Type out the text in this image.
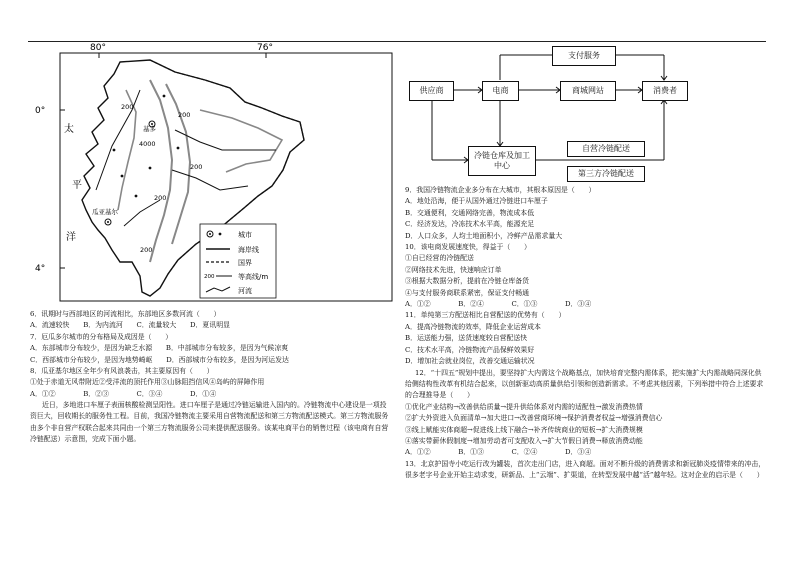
80°	76°
0°
4°
基多
瓜亚基尔
4000
200
200
200
200
200
太
平
洋	城市
海岸线
国界
200	等高线/m
河流
支付服务
供应商	电商	商城网站	消费者
冷链仓库及加工中心
自营冷链配送
第三方冷链配送

6．讯期时与西部地区的河流相比，东部地区多数河流（　　）

A．流速较快　　B．为内流河　　C．流量较大　　D．夏讯明显

7．厄瓜多尔城市的分布格局及成因是（　　）

A．东部城市分布较少，是因为缺乏水源　　B．中部城市分布较多，是因为气候凉爽

C．西部城市分布较少，是因为地势崎岖　　D．西部城市分布较多，是因为河运发达

8．瓜亚基尔地区全年少有风浪袭击，其主要原因有（　　）

①处于赤道无风带附近②受洋流的顶托作用③山脉阻挡信风④岛屿的屏障作用

A．①②　　　　B．②③　　　　C．③④　　　　D．①④

近日，多地进口车厘子表面核酸检测呈阳性。进口车厘子是通过冷链运输进入国内的。冷链物流中心建设是一项投资巨大，回收期长的服务性工程。目前，我国冷链物流主要采用自营物流配送和第三方物流配送模式。第三方物流服务由多个非自营产权联合起来共同由一个第三方物流服务公司来提供配送服务。该某电商平台的销售过程（该电商有自营冷链配送）示意图，完成下面小题。

9．我国冷链物流企业多分布在大城市，其根本原因是（　　）

A．地处沿海，便于从国外通过冷链进口车厘子

B．交通便利，交通网络完善，物流成本低

C．经济发达，冷冻技术水平高，能源充足

D．人口众多，人均土地面积小，冷鲜产品需求量大

10．该电商发展速度快，得益于（　　）

①自已经营的冷链配送

②网络技术先进，快速响应订单

③根据大数据分析，提前在冷链仓库备货

④与支付服务商联系紧密，保证支付畅通

A．①②　　　　B．②④　　　　C．①③　　　　D．③④

11．单纯第三方配送相比自营配送的优势有（　　）

A．提高冷链物流的效率，降低企业运营成本

B．运送能力强，送货速度较自营配送快

C．技术水平高，冷链物流产品保鲜效果好

D．增加社会就业岗位，改善交通运输状况

12．“十四五”规划中提出，要坚持扩大内需这个战略基点，加快培育完整内需体系，把实施扩大内需战略同深化供给侧结构性改革有机结合起来，以创新驱动高质量供给引领和创造新需求。不考虑其他因素，下列举措中符合上述要求的合理推导是（　　）

①优化产业结构→改善供给质量→提升供给体系对内需的适配性→激发消费热情

②扩大外资进入负面清单→加大进口→改善营商环境→保护消费者权益→增强消费信心

③线上赋能实体商超→促进线上线下融合→补齐传统商业的短板→扩大消费规模

④落实带薪休假制度→增加劳动者可支配收入→扩大节假日消费→释放消费动能

A．①②　　　　B．①③　　　　C．②④　　　　D．③④

13．北京护国寺小吃运行改为罐装，首次走出门店，进入商超。面对不断升级的消费需求和新冠肺炎疫情带来的冲击，很多老字号企业开始主动求变，研新品、上“云端”、扩渠道，在转型发展中越“活”越年轻。这对企业的启示是（　　）
